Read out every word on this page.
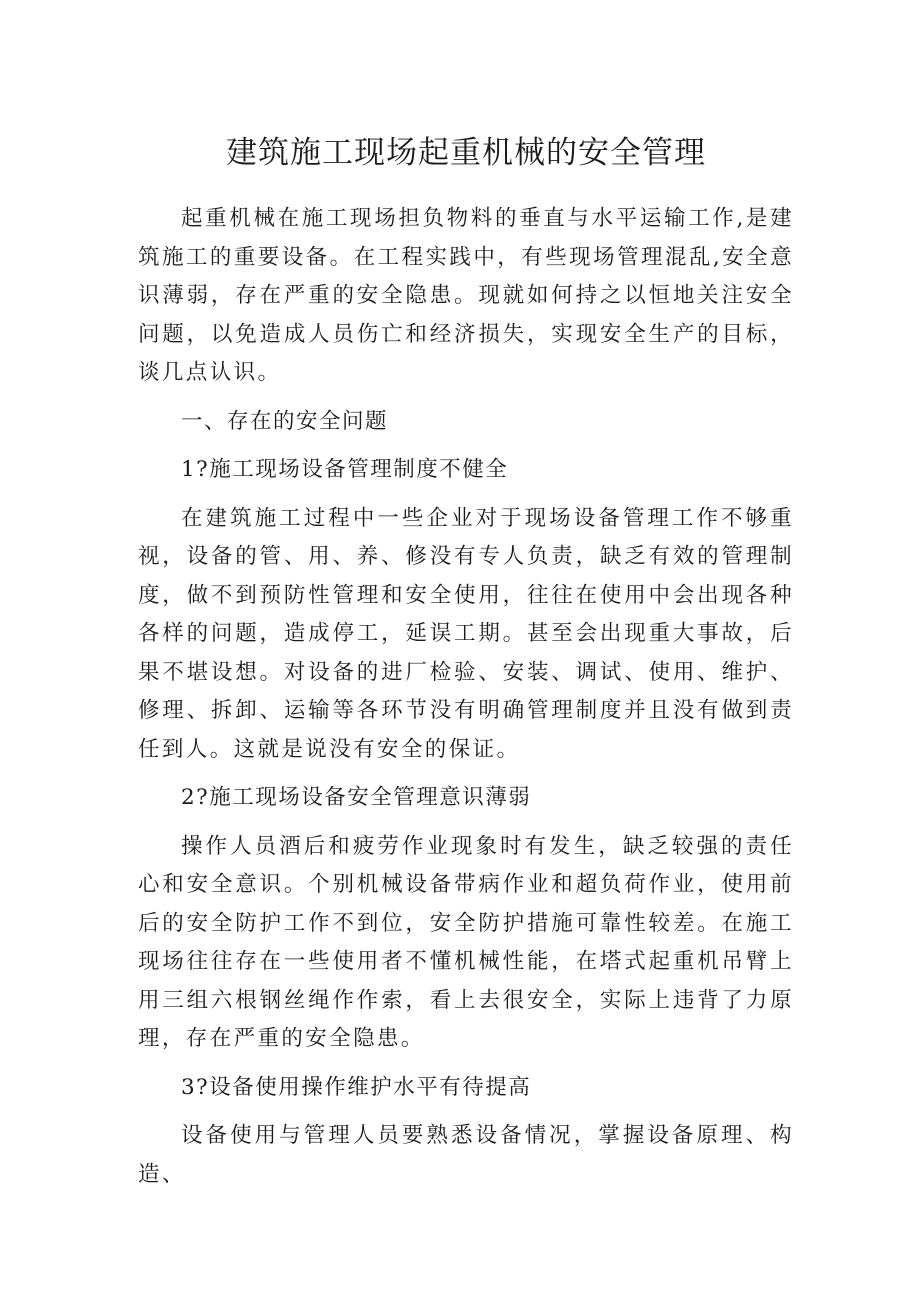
建筑施工现场起重机械的安全管理

起重机械在施工现场担负物料的垂直与水平运输工作,是建筑施工的重要设备。在工程实践中，有些现场管理混乱,安全意识薄弱，存在严重的安全隐患。现就如何持之以恒地关注安全问题，以免造成人员伤亡和经济损失，实现安全生产的目标，谈几点认识。

一、存在的安全问题

1?施工现场设备管理制度不健全

在建筑施工过程中一些企业对于现场设备管理工作不够重视，设备的管、用、养、修没有专人负责，缺乏有效的管理制度，做不到预防性管理和安全使用，往往在使用中会出现各种各样的问题，造成停工，延误工期。甚至会出现重大事故，后果不堪设想。对设备的进厂检验、安装、调试、使用、维护、修理、拆卸、运输等各环节没有明确管理制度并且没有做到责任到人。这就是说没有安全的保证。

2?施工现场设备安全管理意识薄弱

操作人员酒后和疲劳作业现象时有发生，缺乏较强的责任心和安全意识。个别机械设备带病作业和超负荷作业，使用前后的安全防护工作不到位，安全防护措施可靠性较差。在施工现场往往存在一些使用者不懂机械性能，在塔式起重机吊臂上用三组六根钢丝绳作作索，看上去很安全，实际上违背了力原理，存在严重的安全隐患。

3?设备使用操作维护水平有待提高

设备使用与管理人员要熟悉设备情况，掌握设备原理、构造、
